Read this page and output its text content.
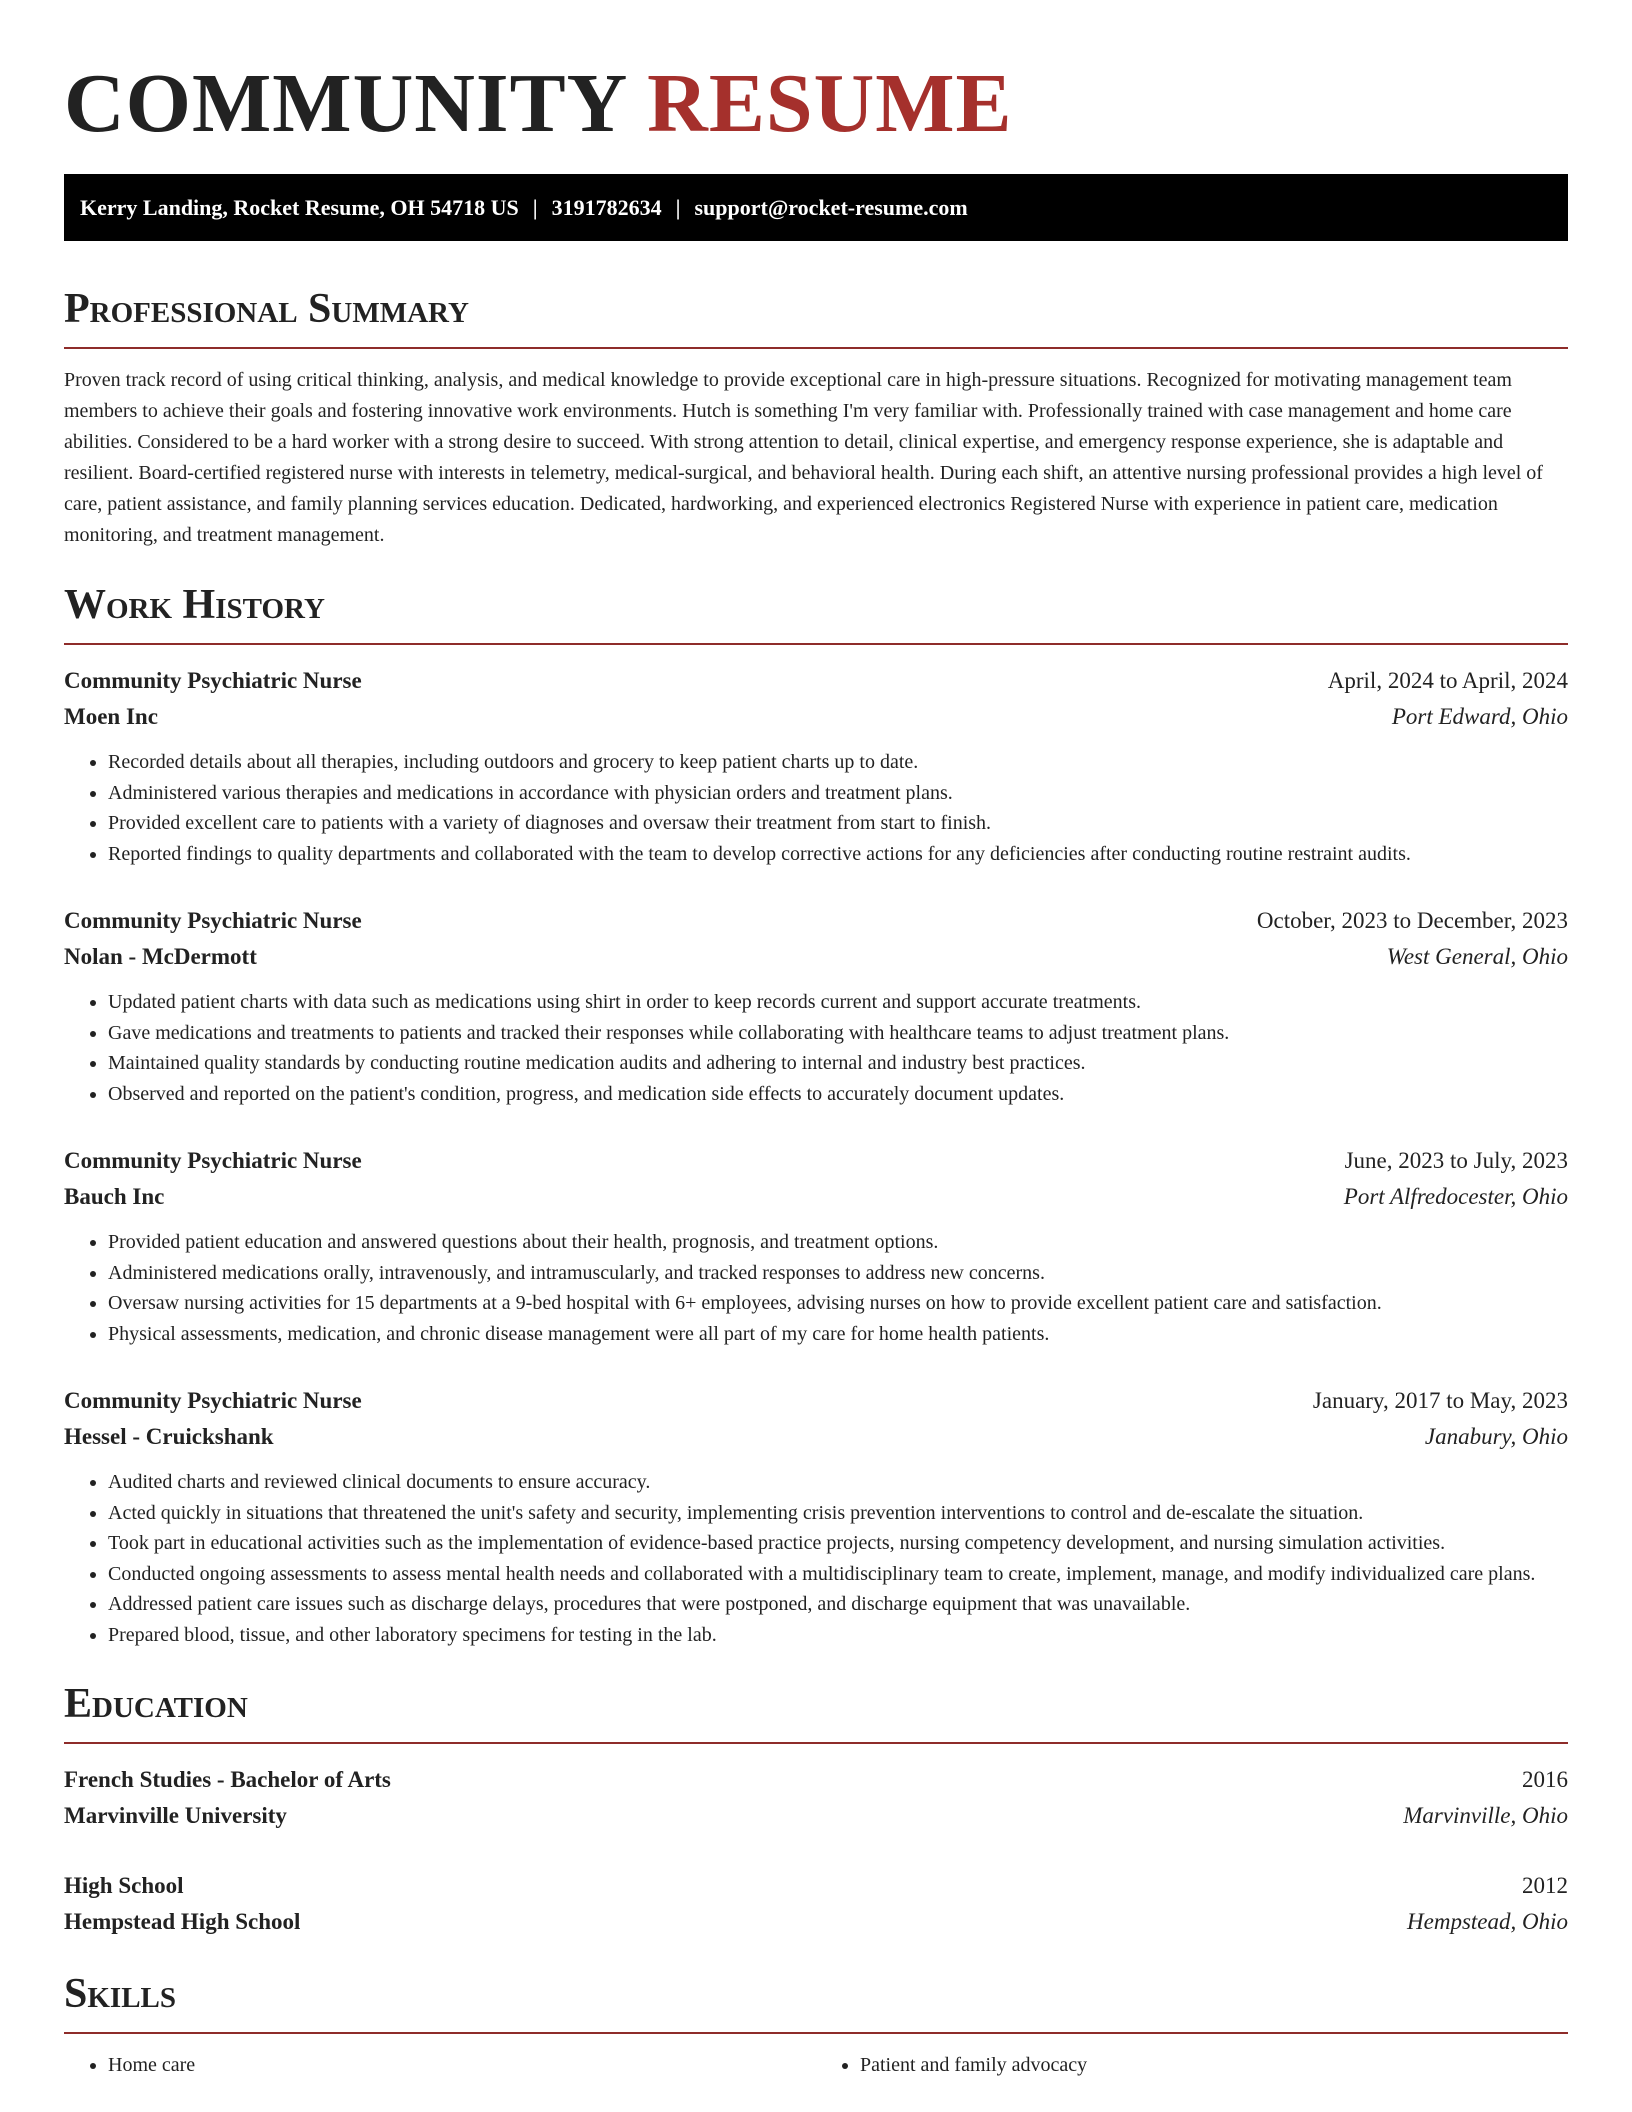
COMMUNITY RESUME
Kerry Landing, Rocket Resume, OH 54718 US | 3191782634 | support@rocket-resume.com
Professional Summary

Proven track record of using critical thinking, analysis, and medical knowledge to provide exceptional care in high-pressure situations. Recognized for motivating management team members to achieve their goals and fostering innovative work environments. Hutch is something I'm very familiar with. Professionally trained with case management and home care abilities. Considered to be a hard worker with a strong desire to succeed. With strong attention to detail, clinical expertise, and emergency response experience, she is adaptable and resilient. Board-certified registered nurse with interests in telemetry, medical-surgical, and behavioral health. During each shift, an attentive nursing professional provides a high level of care, patient assistance, and family planning services education. Dedicated, hardworking, and experienced electronics Registered Nurse with experience in patient care, medication monitoring, and treatment management.

Work History
Community Psychiatric Nurse	April, 2024 to April, 2024
Moen Inc	Port Edward, Ohio
• Recorded details about all therapies, including outdoors and grocery to keep patient charts up to date.
• Administered various therapies and medications in accordance with physician orders and treatment plans.
• Provided excellent care to patients with a variety of diagnoses and oversaw their treatment from start to finish.
• Reported findings to quality departments and collaborated with the team to develop corrective actions for any deficiencies after conducting routine restraint audits.
Community Psychiatric Nurse	October, 2023 to December, 2023
Nolan - McDermott	West General, Ohio
• Updated patient charts with data such as medications using shirt in order to keep records current and support accurate treatments.
• Gave medications and treatments to patients and tracked their responses while collaborating with healthcare teams to adjust treatment plans.
• Maintained quality standards by conducting routine medication audits and adhering to internal and industry best practices.
• Observed and reported on the patient's condition, progress, and medication side effects to accurately document updates.
Community Psychiatric Nurse	June, 2023 to July, 2023
Bauch Inc	Port Alfredocester, Ohio
• Provided patient education and answered questions about their health, prognosis, and treatment options.
• Administered medications orally, intravenously, and intramuscularly, and tracked responses to address new concerns.
• Oversaw nursing activities for 15 departments at a 9-bed hospital with 6+ employees, advising nurses on how to provide excellent patient care and satisfaction.
• Physical assessments, medication, and chronic disease management were all part of my care for home health patients.
Community Psychiatric Nurse	January, 2017 to May, 2023
Hessel - Cruickshank	Janabury, Ohio
• Audited charts and reviewed clinical documents to ensure accuracy.
• Acted quickly in situations that threatened the unit's safety and security, implementing crisis prevention interventions to control and de-escalate the situation.
• Took part in educational activities such as the implementation of evidence-based practice projects, nursing competency development, and nursing simulation activities.
• Conducted ongoing assessments to assess mental health needs and collaborated with a multidisciplinary team to create, implement, manage, and modify individualized care plans.
• Addressed patient care issues such as discharge delays, procedures that were postponed, and discharge equipment that was unavailable.
• Prepared blood, tissue, and other laboratory specimens for testing in the lab.
Education
French Studies - Bachelor of Arts	2016
Marvinville University	Marvinville, Ohio
High School	2012
Hempstead High School	Hempstead, Ohio
Skills
• Home care
•	Patient and family advocacy
